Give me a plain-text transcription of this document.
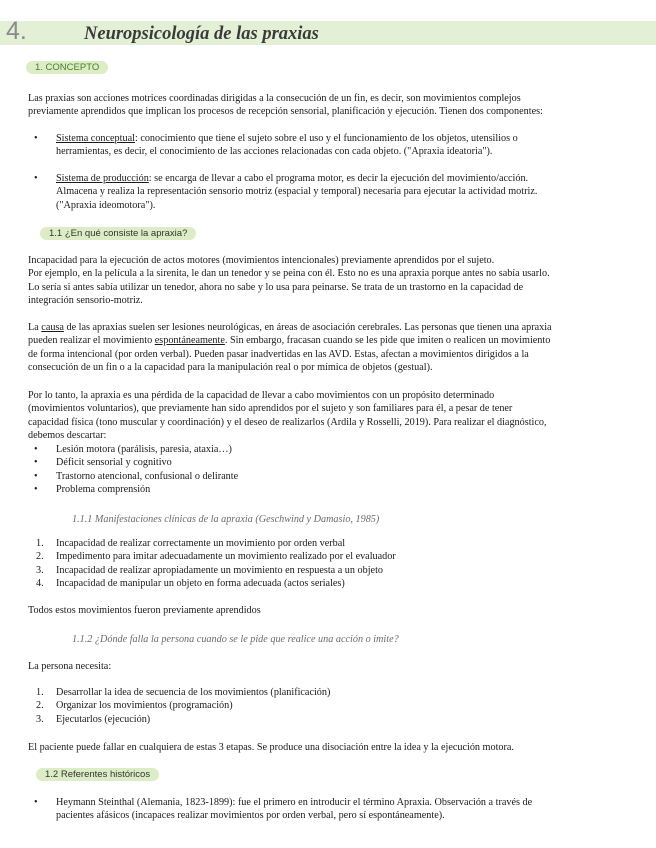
4.	Neuropsicología de las praxias
1. CONCEPTO
Las praxias son acciones motrices coordinadas dirigidas a la consecución de un fin, es decir, son movimientos complejos
previamente aprendidos que implican los procesos de recepción sensorial, planificación y ejecución. Tienen dos componentes:
• Sistema conceptual: conocimiento que tiene el sujeto sobre el uso y el funcionamiento de los objetos, utensilios o
herramientas, es decir, el conocimiento de las acciones relacionadas con cada objeto. ("Apraxia ideatoria").
• Sistema de producción: se encarga de llevar a cabo el programa motor, es decir la ejecución del movimiento/acción.
Almacena y realiza la representación sensorio motriz (espacial y temporal) necesaria para ejecutar la actividad motriz.
("Apraxia ideomotora").
1.1 ¿En qué consiste la apraxia?
Incapacidad para la ejecución de actos motores (movimientos intencionales) previamente aprendidos por el sujeto.
Por ejemplo, en la película a la sirenita, le dan un tenedor y se peina con él. Esto no es una apraxia porque antes no sabía usarlo.
Lo sería si antes sabía utilizar un tenedor, ahora no sabe y lo usa para peinarse. Se trata de un trastorno en la capacidad de
integración sensorio-motriz.
La causa de las apraxias suelen ser lesiones neurológicas, en áreas de asociación cerebrales. Las personas que tienen una apraxia
pueden realizar el movimiento espontáneamente. Sin embargo, fracasan cuando se les pide que imiten o realicen un movimiento
de forma intencional (por orden verbal). Pueden pasar inadvertidas en las AVD. Estas, afectan a movimientos dirigidos a la
consecución de un fin o a la capacidad para la manipulación real o por mímica de objetos (gestual).
Por lo tanto, la apraxia es una pérdida de la capacidad de llevar a cabo movimientos con un propósito determinado
(movimientos voluntarios), que previamente han sido aprendidos por el sujeto y son familiares para él, a pesar de tener
capacidad física (tono muscular y coordinación) y el deseo de realizarlos (Ardila y Rosselli, 2019). Para realizar el diagnóstico,
debemos descartar:
• Lesión motora (parálisis, paresia, ataxia…)
• Déficit sensorial y cognitivo
• Trastorno atencional, confusional o delirante
• Problema comprensión
1.1.1 Manifestaciones clínicas de la apraxia (Geschwind y Damasio, 1985)
1. Incapacidad de realizar correctamente un movimiento por orden verbal
2. Impedimento para imitar adecuadamente un movimiento realizado por el evaluador
3. Incapacidad de realizar apropiadamente un movimiento en respuesta a un objeto
4. Incapacidad de manipular un objeto en forma adecuada (actos seriales)
Todos estos movimientos fueron previamente aprendidos
1.1.2 ¿Dónde falla la persona cuando se le pide que realice una acción o imite?
La persona necesita:
1. Desarrollar la idea de secuencia de los movimientos (planificación)
2. Organizar los movimientos (programación)
3. Ejecutarlos (ejecución)
El paciente puede fallar en cualquiera de estas 3 etapas. Se produce una disociación entre la idea y la ejecución motora.
1.2 Referentes históricos
• Heymann Steinthal (Alemania, 1823-1899): fue el primero en introducir el término Apraxia. Observación a través de
pacientes afásicos (incapaces realizar movimientos por orden verbal, pero sí espontáneamente).
